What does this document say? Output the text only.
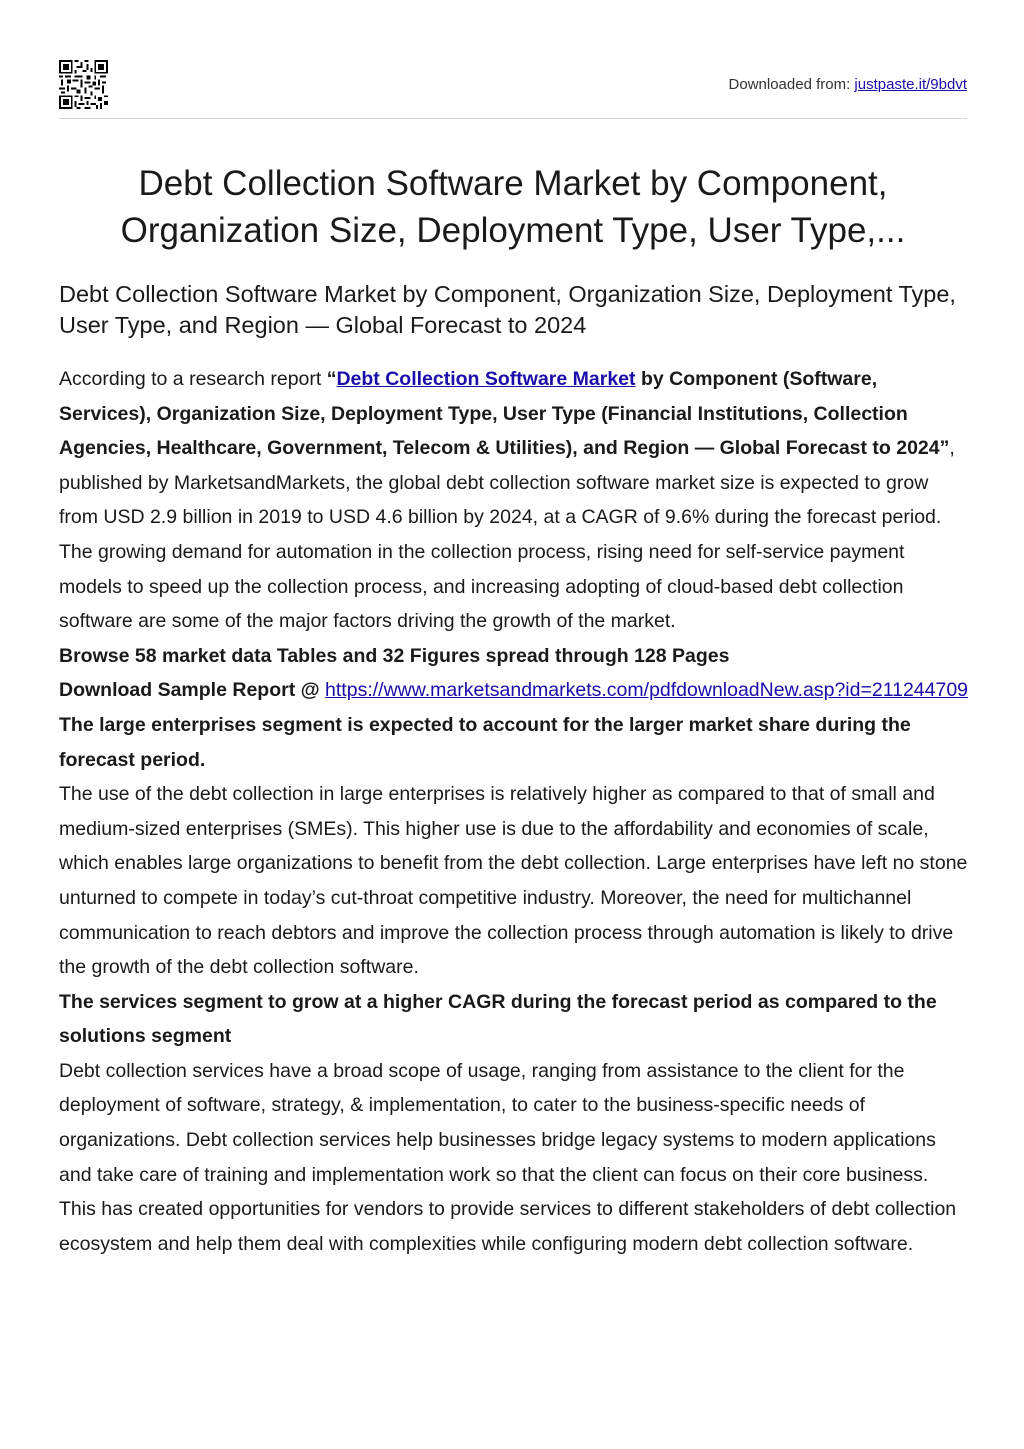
Downloaded from: justpaste.it/9bdvt
Debt Collection Software Market by Component, Organization Size, Deployment Type, User Type,...
Debt Collection Software Market by Component, Organization Size, Deployment Type, User Type, and Region — Global Forecast to 2024

According to a research report “Debt Collection Software Market by Component (Software, Services), Organization Size, Deployment Type, User Type (Financial Institutions, Collection Agencies, Healthcare, Government, Telecom & Utilities), and Region — Global Forecast to 2024”, published by MarketsandMarkets, the global debt collection software market size is expected to grow from USD 2.9 billion in 2019 to USD 4.6 billion by 2024, at a CAGR of 9.6% during the forecast period. The growing demand for automation in the collection process, rising need for self-service payment models to speed up the collection process, and increasing adopting of cloud-based debt collection software are some of the major factors driving the growth of the market.

Browse 58 market data Tables and 32 Figures spread through 128 Pages

Download Sample Report @ https://www.marketsandmarkets.com/pdfdownloadNew.asp?id=211244709

The large enterprises segment is expected to account for the larger market share during the forecast period.

The use of the debt collection in large enterprises is relatively higher as compared to that of small and medium-sized enterprises (SMEs). This higher use is due to the affordability and economies of scale, which enables large organizations to benefit from the debt collection. Large enterprises have left no stone unturned to compete in today’s cut-throat competitive industry. Moreover, the need for multichannel communication to reach debtors and improve the collection process through automation is likely to drive the growth of the debt collection software.

The services segment to grow at a higher CAGR during the forecast period as compared to the solutions segment

Debt collection services have a broad scope of usage, ranging from assistance to the client for the deployment of software, strategy, & implementation, to cater to the business-specific needs of organizations. Debt collection services help businesses bridge legacy systems to modern applications and take care of training and implementation work so that the client can focus on their core business. This has created opportunities for vendors to provide services to different stakeholders of debt collection ecosystem and help them deal with complexities while configuring modern debt collection software.
